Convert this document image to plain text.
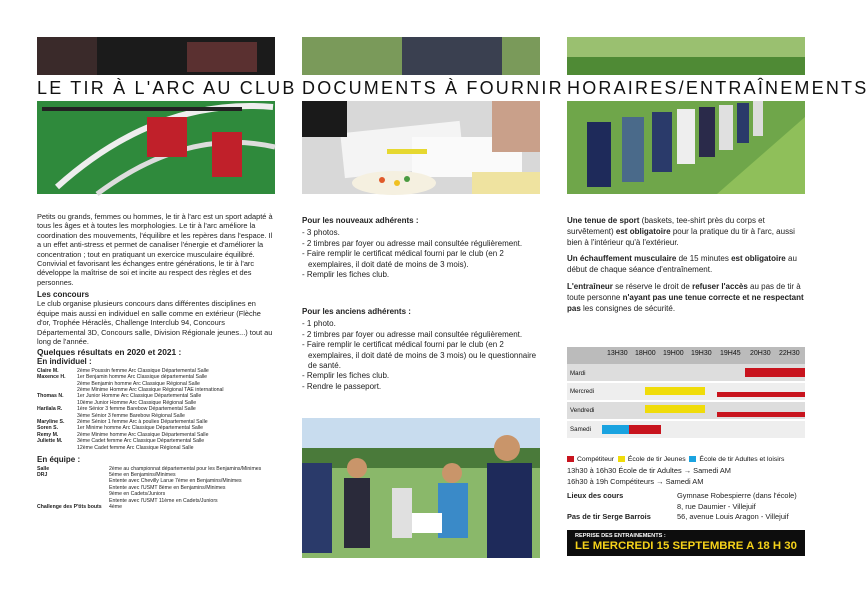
LE TIR À L'ARC AU CLUB

Petits ou grands, femmes ou hommes, le tir à l'arc est un sport adapté à tous les âges et à toutes les morphologies. Le tir à l'arc améliore la coordination des mouvements, l'équilibre et les repères dans l'espace. Il a un effet anti-stress et permet de canaliser l'énergie et d'améliorer la concentration ; tout en pratiquant un exercice musculaire équilibré. Convivial et favorisant les échanges entre générations, le tir à l'arc développe la maîtrise de soi et incite au respect des règles et des personnes.

Les concours

Le club organise plusieurs concours dans différentes disciplines en équipe mais aussi en individuel en salle comme en extérieur (Flèche d'or, Trophée Héraclès, Challenge Interclub 94, Concours Départemental 3D, Concours salle, Division Régionale jeunes...) tout au long de l'année.

Quelques résultats en 2020 et 2021 :

En individuel :

Claire M.	2ème Poussin femme Arc Classique Départemental Salle
Maxence H.	1er Benjamin homme Arc Classique départemental Salle
2ème Benjamin homme Arc Classique Régional Salle
2ème Minime Homme Arc Classique Régional TAE international
Thomas N.	1er Junior Homme Arc Classique Départemental Salle
10ème Junior Homme Arc Classique Régional Salle
Harilala R.	1ère Sénior 3 femme Barebow Départemental Salle
3ème Sénior 3 femme Barebow Régional Salle
Maryline S.	2ème Sénior 1 femme Arc à poulies Départemental Salle
Soren S.	1er Minime homme Arc Classique Départemental Salle
Remy M.	2ème Minime homme Arc Classique Départemental Salle
Juliette M.	3ème Cadet femme Arc Classique Départemental Salle
12ème Cadet femme Arc Classique Régional Salle

En équipe :

Salle	2ème au championnat départemental pour les Benjamins/Minimes
DRJ	5ème en Benjamins/Minimes
Entente avec Chevilly Larue 7ème en Benjamins/Minimes
Entente avec l'USMT 8ème en Benjamins/Minimes
9ème en Cadets/Juniors
Entente avec l'USMT 11ème en Cadets/Juniors
Challenge des P'tits bouts	4ème
DOCUMENTS À FOURNIR

Pour les nouveaux adhérents :

- 3 photos.

- 2 timbres par foyer ou adresse mail consultée régulièrement.

- Faire remplir le certificat médical fourni par le club (en 2 exemplaires, il doit daté de moins de 3 mois).

- Remplir les fiches club.

Pour les anciens adhérents :

- 1 photo.

- 2 timbres par foyer ou adresse mail consultée régulièrement.

- Faire remplir le certificat médical fourni par le club (en 2 exemplaires, il doit daté de moins de 3 mois) ou le questionnaire de santé.

- Remplir les fiches club.

- Rendre le passeport.

HORAIRES/ENTRAÎNEMENTS

Une tenue de sport (baskets, tee-shirt près du corps et survêtement) est obligatoire pour la pratique du tir à l'arc, aussi bien à l'intérieur qu'à l'extérieur.

Un échauffement musculaire de 15 minutes est obligatoire au début de chaque séance d'entraînement.

L'entraîneur se réserve le droit de refuser l'accès au pas de tir à toute personne n'ayant pas une tenue correcte et ne respectant pas les consignes de sécurité.

13H30 18H00 19H00 19H30 19H45 20H30 22H30
Mardi
Mercredi
Vendredi
Samedi
Compétiteur École de tir Jeunes École de tir Adultes et loisirs

13h30 à 16h30 École de tir Adultes → Samedi AM

16h30 à 19h Compétiteurs → Samedi AM

Lieux des cours	Gymnase Robespierre (dans l'école)
8, rue Daumier - Villejuif
Pas de tir Serge Barrois	56, avenue Louis Aragon - Villejuif
REPRISE DES ENTRAINEMENTS :
LE MERCREDI 15 SEPTEMBRE A 18 H 30
